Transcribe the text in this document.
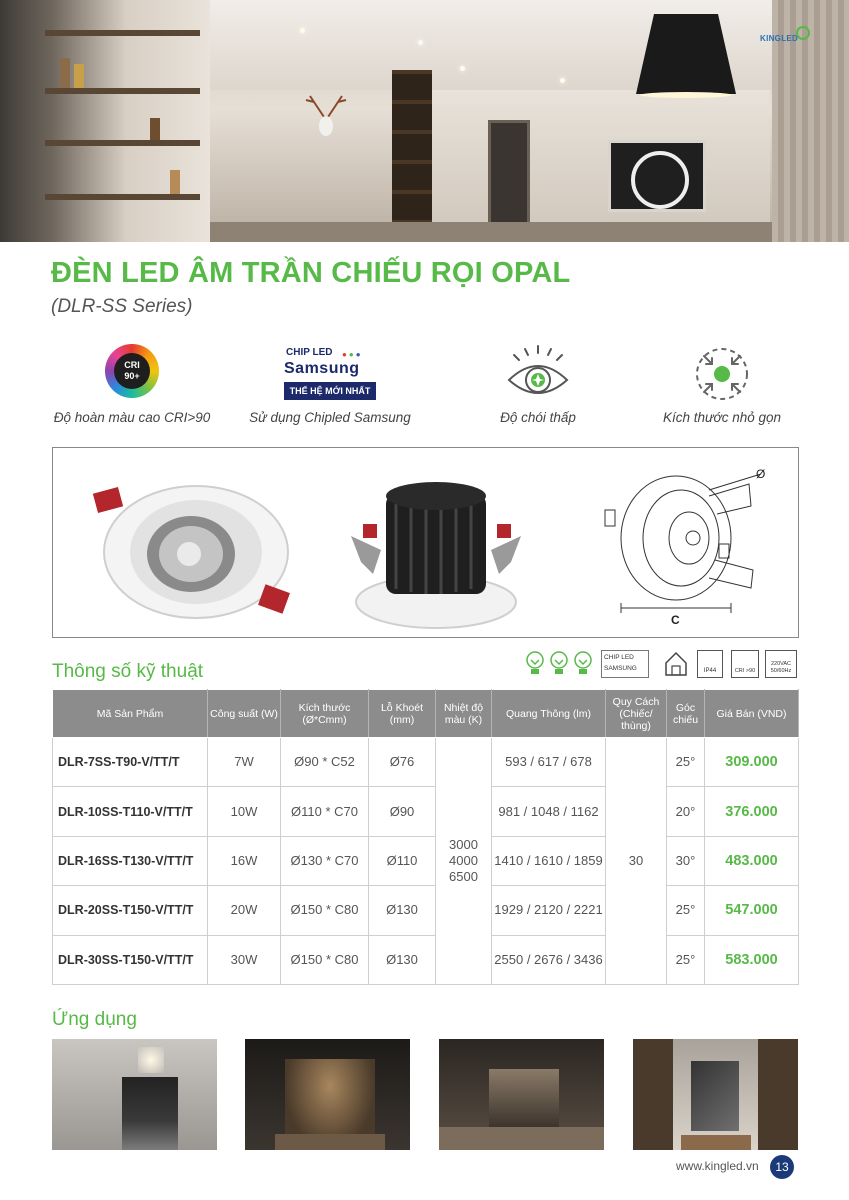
KINGLED
ĐÈN LED ÂM TRẦN CHIẾU RỌI OPAL
(DLR-SS Series)
CRI
90+
Độ hoàn màu cao CRI>90
CHIP LED ●●●
Samsung
THẾ HỆ MỚI NHẤT
Sử dụng Chipled Samsung	Độ chói thấp	Kích thước nhỏ gọn
Ø
C
Thông số kỹ thuật
CHIP LED
SAMSUNG	IP44	CRI >90
220VAC
50/60Hz
Mã Sản Phẩm	Công suất (W)	Kích thước (Ø*Cmm)	Lỗ Khoét (mm)	Nhiệt độ màu (K)	Quang Thông (lm)	Quy Cách (Chiếc/ thùng)	Góc chiếu	Giá Bán (VND)
DLR-7SS-T90-V/TT/T	7W	Ø90 * C52	Ø76	3000
4000
6500	593 / 617 / 678	30	25°	309.000
DLR-10SS-T110-V/TT/T	10W	Ø110 * C70	Ø90		981 / 1048 / 1162		20°	376.000
DLR-16SS-T130-V/TT/T	16W	Ø130 * C70	Ø110		1410 / 1610 / 1859		30°	483.000
DLR-20SS-T150-V/TT/T	20W	Ø150 * C80	Ø130		1929 / 2120 / 2221		25°	547.000
DLR-30SS-T150-V/TT/T	30W	Ø150 * C80	Ø130		2550 / 2676 / 3436		25°	583.000
Ứng dụng
www.kingled.vn	13
